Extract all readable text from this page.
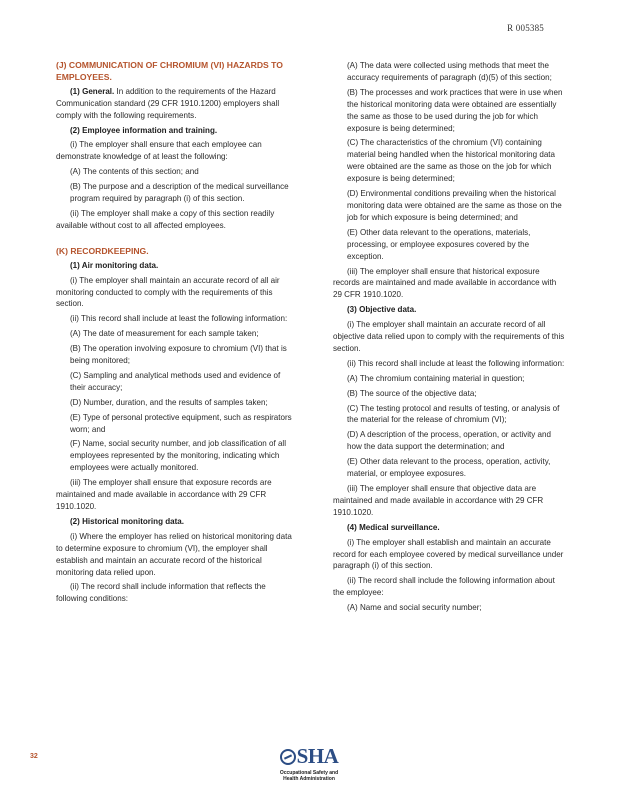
R 005385
(J) COMMUNICATION OF CHROMIUM (VI) HAZARDS TO EMPLOYEES.

(1) General. In addition to the requirements of the Hazard Communication standard (29 CFR 1910.1200) employers shall comply with the following requirements.

(2) Employee information and training.

(i) The employer shall ensure that each employee can demonstrate knowledge of at least the following:

(A) The contents of this section; and

(B) The purpose and a description of the medical surveillance program required by paragraph (i) of this section.

(ii) The employer shall make a copy of this section readily available without cost to all affected employees.

(K) RECORDKEEPING.
(1) Air monitoring data.

(i) The employer shall maintain an accurate record of all air monitoring conducted to comply with the requirements of this section.

(ii) This record shall include at least the following information:

(A) The date of measurement for each sample taken;

(B) The operation involving exposure to chromium (VI) that is being monitored;

(C) Sampling and analytical methods used and evidence of their accuracy;

(D) Number, duration, and the results of samples taken;

(E) Type of personal protective equipment, such as respirators worn; and

(F) Name, social security number, and job classification of all employees represented by the monitoring, indicating which employees were actually monitored.

(iii) The employer shall ensure that exposure records are maintained and made available in accordance with 29 CFR 1910.1020.

(2) Historical monitoring data.

(i) Where the employer has relied on historical monitoring data to determine exposure to chromium (VI), the employer shall establish and maintain an accurate record of the historical monitoring data relied upon.

(ii) The record shall include information that reflects the following conditions:

(A) The data were collected using methods that meet the accuracy requirements of paragraph (d)(5) of this section;

(B) The processes and work practices that were in use when the historical monitoring data were obtained are essentially the same as those to be used during the job for which exposure is being determined;

(C) The characteristics of the chromium (VI) containing material being handled when the historical monitoring data were obtained are the same as those on the job for which exposure is being determined;

(D) Environmental conditions prevailing when the historical monitoring data were obtained are the same as those on the job for which exposure is being determined; and

(E) Other data relevant to the operations, materials, processing, or employee exposures covered by the exception.

(iii) The employer shall ensure that historical exposure records are maintained and made available in accordance with 29 CFR 1910.1020.

(3) Objective data.

(i) The employer shall maintain an accurate record of all objective data relied upon to comply with the requirements of this section.

(ii) This record shall include at least the following information:

(A) The chromium containing material in question;

(B) The source of the objective data;

(C) The testing protocol and results of testing, or analysis of the material for the release of chromium (VI);

(D) A description of the process, operation, or activity and how the data support the determination; and

(E) Other data relevant to the process, operation, activity, material, or employee exposures.

(iii) The employer shall ensure that objective data are maintained and made available in accordance with 29 CFR 1910.1020.

(4) Medical surveillance.

(i) The employer shall establish and maintain an accurate record for each employee covered by medical surveillance under paragraph (i) of this section.

(ii) The record shall include the following information about the employee:

(A) Name and social security number;

32	SHA
Occupational Safety and
Health Administration
